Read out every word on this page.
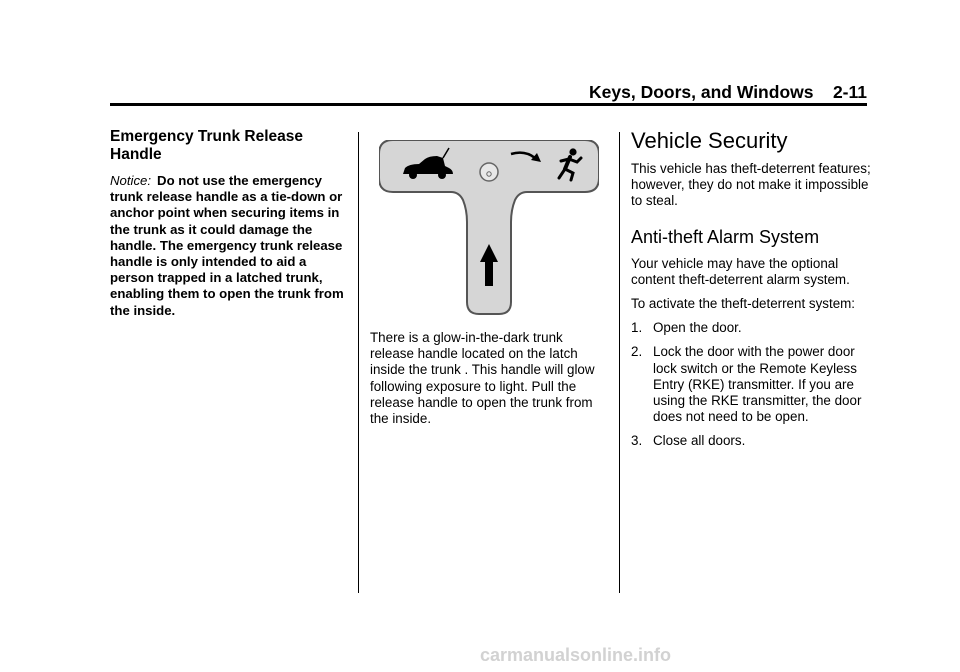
Keys, Doors, and Windows 2-11
Emergency Trunk Release Handle
Notice: Do not use the emergency trunk release handle as a tie-down or anchor point when securing items in the trunk as it could damage the handle. The emergency trunk release handle is only intended to aid a person trapped in a latched trunk, enabling them to open the trunk from the inside.
There is a glow-in-the-dark trunk release handle located on the latch inside the trunk . This handle will glow following exposure to light. Pull the release handle to open the trunk from the inside.
Vehicle Security

This vehicle has theft-deterrent features; however, they do not make it impossible to steal.

Anti-theft Alarm System

Your vehicle may have the optional content theft-deterrent alarm system.

To activate the theft-deterrent system:

1. Open the door.
2. Lock the door with the power door lock switch or the Remote Keyless Entry (RKE) transmitter. If you are using the RKE transmitter, the door does not need to be open.
3. Close all doors.
carmanualsonline.info
